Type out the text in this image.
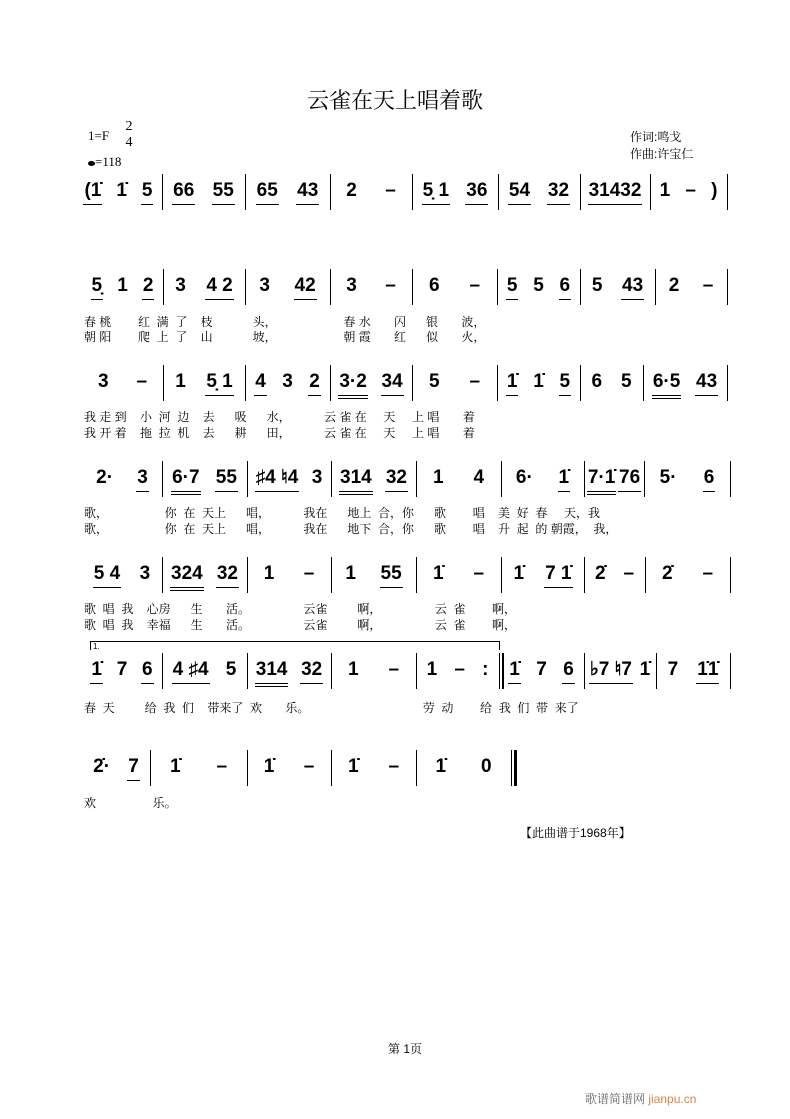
云雀在天上唱着歌
1=F
2
4
=118
作词:鸣戈
作曲:许宝仁
1.
(1̇ 1̇ 5 66 55 65 43 2 – 5̣ 1 36 54 32 31432 1 – )
5̣ 1 2 3 4 2 3 42 3 – 6 – 5 5 6 5 43 2 –
春 桃        红  满  了    枝            头，                    春 水       闪      银       波，
朝 阳        爬  上  了    山            坡，                    朝 霞       红      似       火，
3 – 1 5̣ 1 4 3 2 3·2 34 5 – 1̇ 1̇ 5 6 5 6·5 43
我 走 到    小  河  边    去      吸      水，          云 雀 在     天     上 唱       着
我 开 着    拖  拉  机    去      耕      田，          云 雀 在     天     上 唱       着
2· 3 6·7 55 ♯4 ♮4 3 314 32 1 4 6· 1̇ 7·1̇ 76 5· 6
歌，                 你  在  天上      唱，          我在      地上  合，你      歌        唱    美  好  春     天，我
歌，                 你  在  天上      唱，          我在      地下  合，你      歌        唱    升  起  的 朝霞，  我，
5 4 3 324 32 1 – 1 55 1̇ – 1̇ 7 1̇ 2̇ – 2̇ –
歌  唱  我    心房      生       活。                云雀         啊，                云  雀        啊，
歌  唱  我    幸福      生       活。                云雀         啊，                云  雀        啊，
1̇ 7 6 4 ♯4 5 314 32 1 – 1 – : 1̇ 7 6 ♭7 ♮7 1̇ 7 1̇1̇
春  天         给  我  们    带来了  欢       乐。                                  劳  动        给  我  们  带  来了
2̇· 7 1̇ – 1̇ – 1̇ – 1̇ 0
欢                 乐。
【此曲谱于1968年】
第 1页
歌谱简谱网 jianpu.cn
